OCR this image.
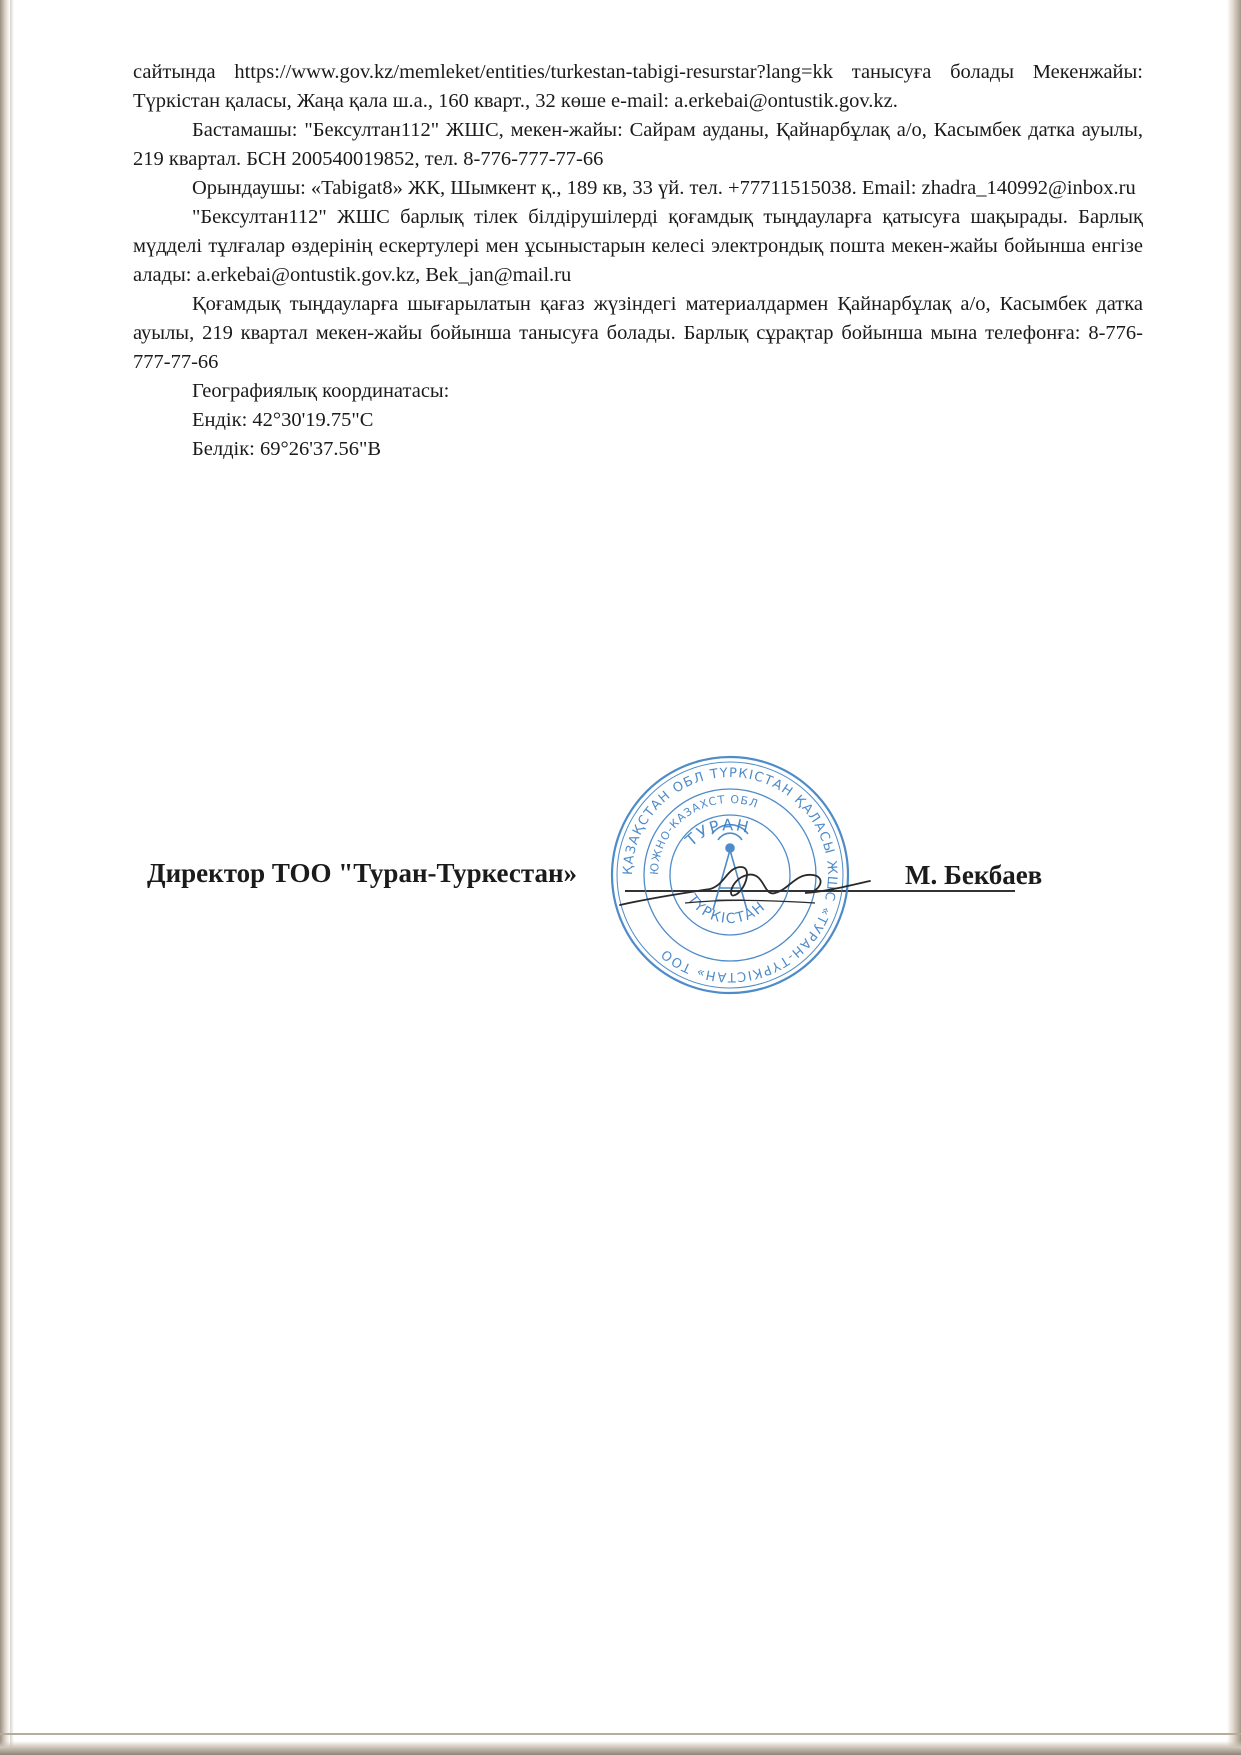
сайтында https://www.gov.kz/memleket/entities/turkestan-tabigi-resurstar?lang=kk танысуға болады Мекенжайы: Түркістан қаласы, Жаңа қала ш.а., 160 кварт., 32 көше e-mail: a.erkebai@ontustik.gov.kz.

Бастамашы: "Бексултан112" ЖШС, мекен-жайы: Сайрам ауданы, Қайнарбұлақ а/о, Касымбек датка ауылы, 219 квартал. БСН 200540019852, тел. 8-776-777-77-66

Орындаушы: «Tabigat8» ЖК, Шымкент қ., 189 кв, 33 үй. тел. +77711515038. Email: zhadra_140992@inbox.ru

"Бексултан112" ЖШС барлық тілек білдірушілерді қоғамдық тыңдауларға қатысуға шақырады. Барлық мүдделі тұлғалар өздерінің ескертулері мен ұсыныстарын келесі электрондық пошта мекен-жайы бойынша енгізе алады: a.erkebai@ontustik.gov.kz, Bek_jan@mail.ru

Қоғамдық тыңдауларға шығарылатын қағаз жүзіндегі материалдармен Қайнарбұлақ а/о, Касымбек датка ауылы, 219 квартал мекен-жайы бойынша танысуға болады. Барлық сұрақтар бойынша мына телефонға: 8-776-777-77-66

Географиялық координатасы:

Ендік: 42°30'19.75"С

Белдік: 69°26'37.56"В

Директор ТОО "Туран-Туркестан»	М. Бекбаев
ҚАЗАҚСТАН ОБЛ ТҮРКІСТАН ҚАЛАСЫ ЖШС «ТУРАН-ТҮРКІСТАН» ТОО
ЮЖНО-КАЗАХСТ ОБЛ
ТУРАН
ТҮРКІСТАН
